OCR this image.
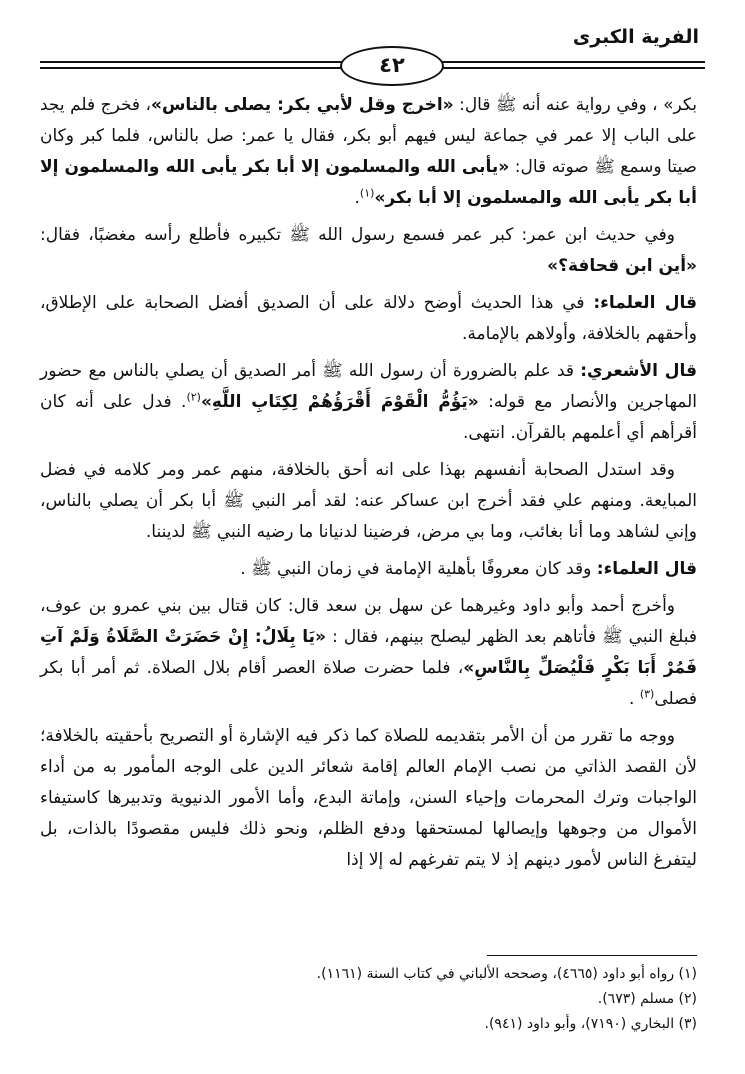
الفرية الكبرى
٤٢

بكر» ، وفي رواية عنه أنه ﷺ قال: «اخرج وقل لأبي بكر: يصلى بالناس»، فخرج فلم يجد على الباب إلا عمر في جماعة ليس فيهم أبو بكر، فقال يا عمر: صل بالناس، فلما كبر وكان صيتا وسمع ﷺ صوته قال: «يأبى الله والمسلمون إلا أبا بكر يأبى الله والمسلمون إلا أبا بكر يأبى الله والمسلمون إلا أبا بكر»$^{(١)}$.

وفي حديث ابن عمر: كبر عمر فسمع رسول الله ﷺ تكبيره فأطلع رأسه مغضبًا، فقال: «أين ابن قحافة؟»

قال العلماء: في هذا الحديث أوضح دلالة على أن الصديق أفضل الصحابة على الإطلاق، وأحقهم بالخلافة، وأولاهم بالإمامة.

قال الأشعري: قد علم بالضرورة أن رسول الله ﷺ أمر الصديق أن يصلي بالناس مع حضور المهاجرين والأنصار مع قوله: «يَؤُمُّ الْقَوْمَ أَقْرَؤُهُمْ لِكِتَابِ اللَّهِ»$^{(٢)}$. فدل على أنه كان أقرأهم أي أعلمهم بالقرآن. انتهى.

وقد استدل الصحابة أنفسهم بهذا على انه أحق بالخلافة، منهم عمر ومر كلامه في فضل المبايعة. ومنهم علي فقد أخرج ابن عساكر عنه: لقد أمر النبي ﷺ أبا بكر أن يصلي بالناس، وإني لشاهد وما أنا بغائب، وما بي مرض، فرضينا لدنيانا ما رضيه النبي ﷺ لديننا.

قال العلماء: وقد كان معروفًا بأهلية الإمامة في زمان النبي ﷺ .

وأخرج أحمد وأبو داود وغيرهما عن سهل بن سعد قال: كان قتال بين بني عمرو بن عوف، فبلغ النبي ﷺ فأتاهم بعد الظهر ليصلح بينهم، فقال : «يَا بِلَالُ: إِنْ حَضَرَتْ الصَّلَاةُ وَلَمْ آتِ فَمُرْ أَبَا بَكْرٍ فَلْيُصَلِّ بِالنَّاسِ»، فلما حضرت صلاة العصر أقام بلال الصلاة. ثم أمر أبا بكر فصلى$^{(٣)}$ .

ووجه ما تقرر من أن الأمر بتقديمه للصلاة كما ذكر فيه الإشارة أو التصريح بأحقيته بالخلافة؛ لأن القصد الذاتي من نصب الإمام العالم إقامة شعائر الدين على الوجه المأمور به من أداء الواجبات وترك المحرمات وإحياء السنن، وإماتة البدع، وأما الأمور الدنيوية وتدبيرها كاستيفاء الأموال من وجوهها وإيصالها لمستحقها ودفع الظلم، ونحو ذلك فليس مقصودًا بالذات، بل ليتفرغ الناس لأمور دينهم إذ لا يتم تفرغهم له إلا إذا

(١) رواه أبو داود (٤٦٦٥)، وصححه الألباني في كتاب السنة (١١٦١).
(٢) مسلم (٦٧٣).
(٣) البخاري (٧١٩٠)، وأبو داود (٩٤١).
